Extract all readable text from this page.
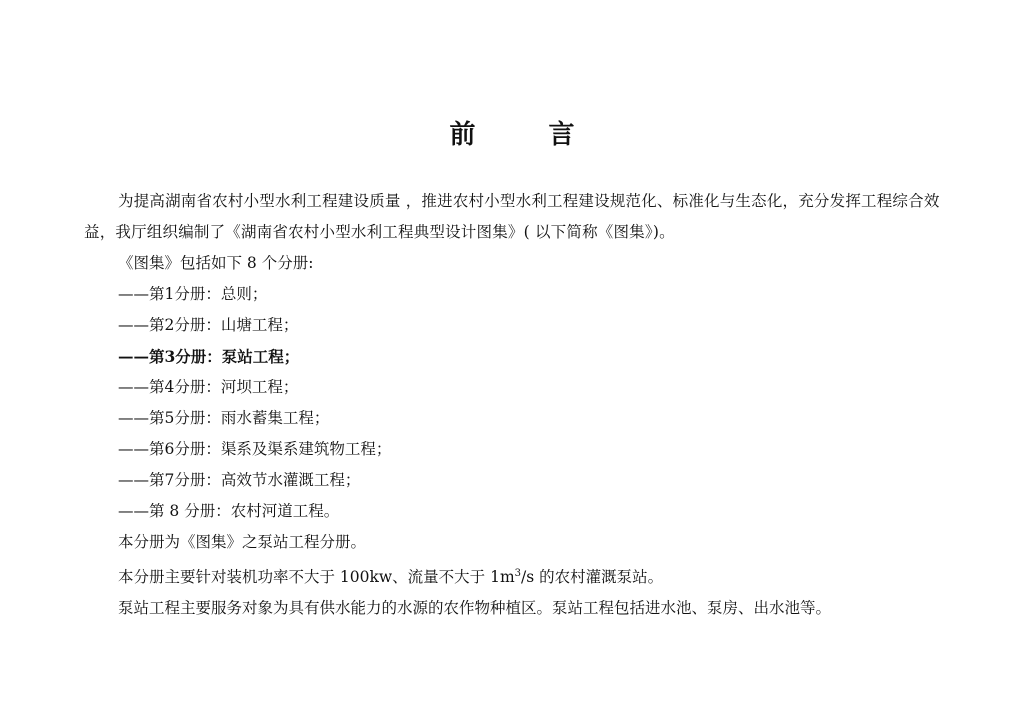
前 言

为提高湖南省农村小型水利工程建设质量 ，推进农村小型水利工程建设规范化、标准化与生态化，充分发挥工程综合效益，我厅组织编制了《湖南省农村小型水利工程典型设计图集》( 以下简称《图集》)。

《图集》包括如下 8 个分册:

——第1分册：总则；

——第2分册：山塘工程；

——第3分册：泵站工程；

——第4分册：河坝工程；

——第5分册：雨水蓄集工程；

——第6分册：渠系及渠系建筑物工程；

——第7分册：高效节水灌溉工程；

——第 8 分册：农村河道工程。

本分册为《图集》之泵站工程分册。

本分册主要针对装机功率不大于 100kw、流量不大于 $1m^3/s$ 的农村灌溉泵站。

泵站工程主要服务对象为具有供水能力的水源的农作物种植区。泵站工程包括进水池、泵房、出水池等。
